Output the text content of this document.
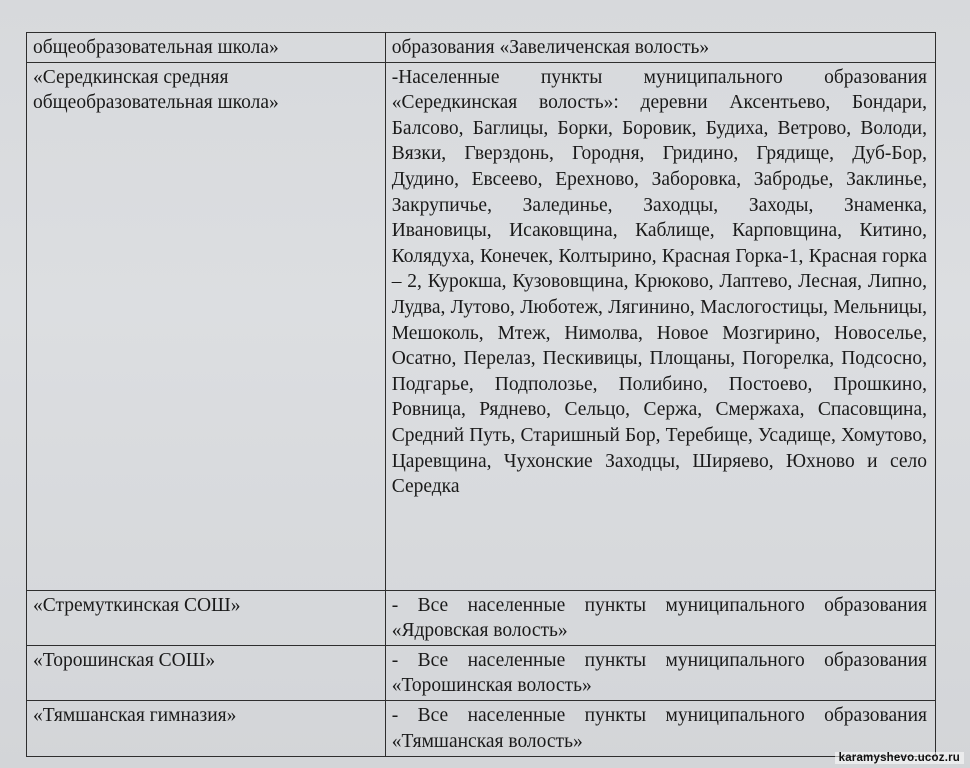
общеобразовательная школа»	образования «Завеличенская волость»
«Середкинская средняя общеобразовательная школа»	-Населенные пункты муниципального образования «Середкинская волость»: деревни Аксентьево, Бондари, Балсово, Баглицы, Борки, Боровик, Будиха, Ветрово, Володи, Вязки, Гверздонь, Городня, Гридино, Грядище, Дуб-Бор, Дудино, Евсеево, Ерехново, Заборовка, Забродье, Заклинье, Закрупичье, Залединье, Заходцы, Заходы, Знаменка, Ивановицы, Исаковщина, Каблище, Карповщина, Китино, Колядуха, Конечек, Колтырино, Красная Горка-1, Красная горка – 2, Курокша, Кузововщина, Крюково, Лаптево, Лесная, Липно, Лудва, Лутово, Люботеж, Лягинино, Маслогостицы, Мельницы, Мешоколь, Мтеж, Нимолва, Новое Мозгирино, Новоселье, Осатно, Перелаз, Пескивицы, Площаны, Погорелка, Подсосно, Подгарье, Подполозье, Полибино, Постоево, Прошкино, Ровница, Ряднево, Сельцо, Сержа, Смержаха, Спасовщина, Средний Путь, Старишный Бор, Теребище, Усадище, Хомутово, Царевщина, Чухонские Заходцы, Ширяево, Юхново и село Середка
«Стремуткинская СОШ»	- Все населенные пункты муниципального образования «Ядровская волость»
«Торошинская СОШ»	- Все населенные пункты муниципального образования «Торошинская волость»
«Тямшанская гимназия»	- Все населенные пункты муниципального образования «Тямшанская волость»
karamyshevo.ucoz.ru
